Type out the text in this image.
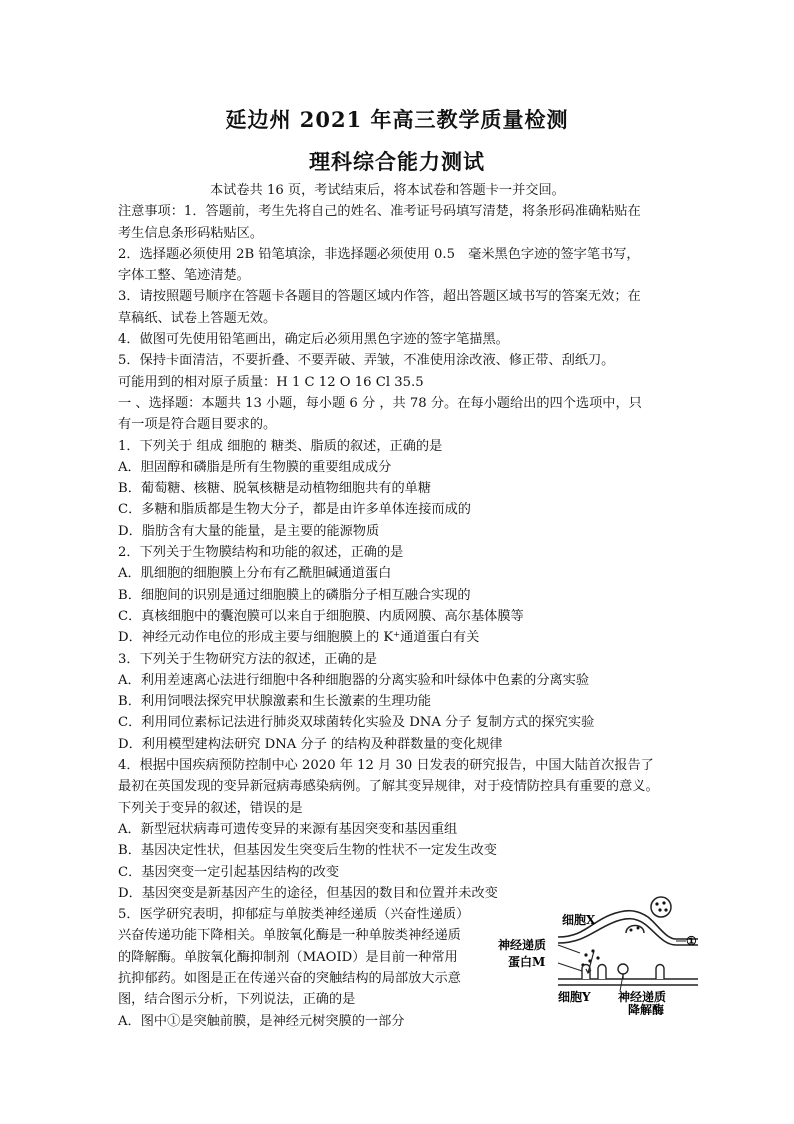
延边州 2021 年高三教学质量检测
理科综合能力测试
本试卷共 16 页，考试结束后，将本试卷和答题卡一并交回。
注意事项：1．答题前，考生先将自己的姓名、准考证号码填写清楚，将条形码准确粘贴在
考生信息条形码粘贴区。
2．选择题必须使用 2B 铅笔填涂，非选择题必须使用 0.5　毫米黑色字迹的签字笔书写，
字体工整、笔迹清楚。
3．请按照题号顺序在答题卡各题目的答题区域内作答，超出答题区域书写的答案无效；在
草稿纸、试卷上答题无效。
4．做图可先使用铅笔画出，确定后必须用黑色字迹的签字笔描黑。
5．保持卡面清洁，不要折叠、不要弄破、弄皱，不准使用涂改液、修正带、刮纸刀。
可能用到的相对原子质量：H 1 C 12 O 16 Cl 35.5
一 、选择题：本题共 13 小题，每小题 6 分 ，共 78 分。在每小题给出的四个选项中，只
有一项是符合题目要求的。
1．下列关于 组成 细胞的 糖类、脂质的叙述，正确的是
A．胆固醇和磷脂是所有生物膜的重要组成成分
B．葡萄糖、核糖、脱氧核糖是动植物细胞共有的单糖
C．多糖和脂质都是生物大分子，都是由许多单体连接而成的
D．脂肪含有大量的能量，是主要的能源物质
2．下列关于生物膜结构和功能的叙述，正确的是
A．肌细胞的细胞膜上分布有乙酰胆碱通道蛋白
B．细胞间的识别是通过细胞膜上的磷脂分子相互融合实现的
C．真核细胞中的囊泡膜可以来自于细胞膜、内质网膜、高尔基体膜等
D．神经元动作电位的形成主要与细胞膜上的 K⁺通道蛋白有关
3．下列关于生物研究方法的叙述，正确的是
A．利用差速离心法进行细胞中各种细胞器的分离实验和叶绿体中色素的分离实验
B．利用饲喂法探究甲状腺激素和生长激素的生理功能
C．利用同位素标记法进行肺炎双球菌转化实验及 DNA 分子 复制方式的探究实验
D．利用模型建构法研究 DNA 分子 的结构及种群数量的变化规律
4．根据中国疾病预防控制中心 2020 年 12 月 30 日发表的研究报告，中国大陆首次报告了
最初在英国发现的变异新冠病毒感染病例。了解其变异规律，对于疫情防控具有重要的意义。
下列关于变异的叙述，错误的是
A．新型冠状病毒可遗传变异的来源有基因突变和基因重组
B．基因决定性状，但基因发生突变后生物的性状不一定发生改变
C．基因突变一定引起基因结构的改变
D．基因突变是新基因产生的途径，但基因的数目和位置并未改变
5．医学研究表明，抑郁症与单胺类神经递质（兴奋性递质）
兴奋传递功能下降相关。单胺氧化酶是一种单胺类神经递质
的降解酶。单胺氧化酶抑制剂（MAOID）是目前一种常用
抗抑郁药。如图是正在传递兴奋的突触结构的局部放大示意
图，结合图示分析，下列说法，正确的是
A．图中①是突触前膜，是神经元树突膜的一部分
细胞X
①
神经递质
蛋白M
细胞Y 神经递质
降解酶
